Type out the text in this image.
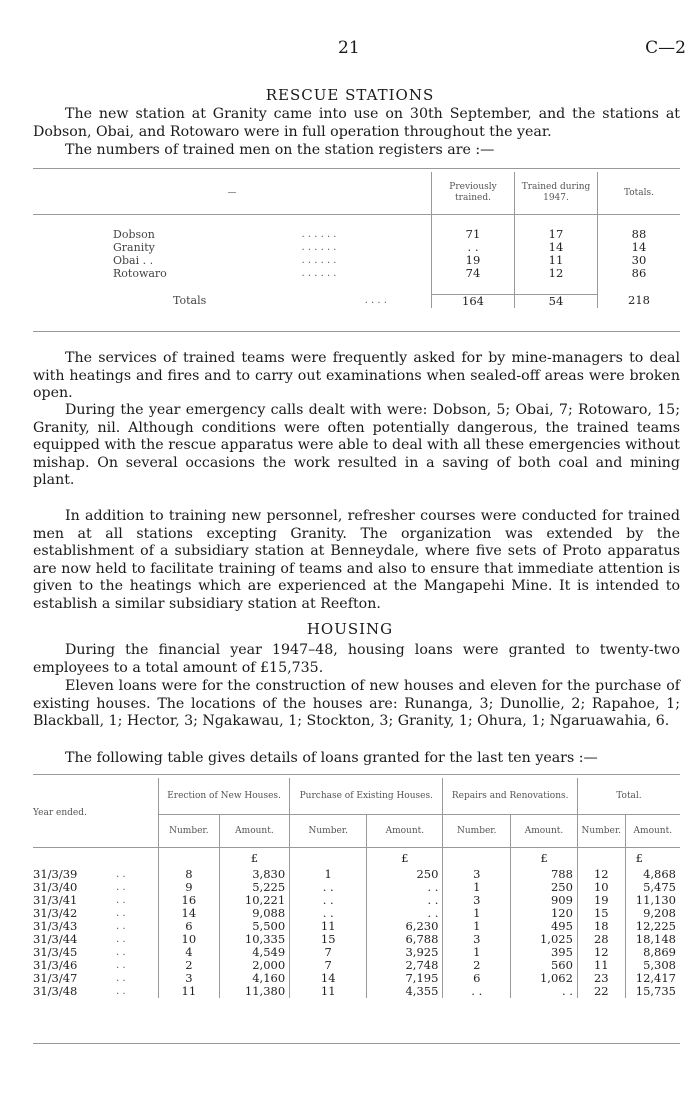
21	C—2
RESCUE STATIONS
The new station at Granity came into use on 30th September, and the stations at Dobson, Obai, and Rotowaro were in full operation throughout the year.
The numbers of trained men on the station registers are :—
—			Previously trained.	Trained during 1947.	Totals.

Dobson	. . . . . .		71	17	88
Granity	. . . . . .		. .	14	14
Obai . .	. . . . . .		19	11	30
Rotowaro	. . . . . .		74	12	86

Totals		. . . .	164	54	218
The services of trained teams were frequently asked for by mine-managers to deal with heatings and fires and to carry out examinations when sealed-off areas were broken open.
During the year emergency calls dealt with were: Dobson, 5; Obai, 7; Rotowaro, 15; Granity, nil. Although conditions were often potentially dangerous, the trained teams equipped with the rescue apparatus were able to deal with all these emergencies without mishap. On several occasions the work resulted in a saving of both coal and mining plant.
In addition to training new personnel, refresher courses were conducted for trained men at all stations excepting Granity. The organization was extended by the establishment of a subsidiary station at Benneydale, where five sets of Proto apparatus are now held to facilitate training of teams and also to ensure that immediate attention is given to the heatings which are experienced at the Mangapehi Mine. It is intended to establish a similar subsidiary station at Reefton.
HOUSING
During the financial year 1947–48, housing loans were granted to twenty-two employees to a total amount of £15,735.
Eleven loans were for the construction of new houses and eleven for the purchase of existing houses. The locations of the houses are: Runanga, 3; Dunollie, 2; Rapahoe, 1; Blackball, 1; Hector, 3; Ngakawau, 1; Stockton, 3; Granity, 1; Ohura, 1; Ngaruawahia, 6.
The following table gives details of loans granted for the last ten years :—
Year ended.		Erection of New Houses.		Purchase of Existing Houses.		Repairs and Renovations.		Total.	
		Number.	Amount.	Number.	Amount.	Number.	Amount.	Number.	Amount.
			£		£		£		£
31/3/39	. .	8	3,830	1	250	3	788	12	4,868
31/3/40	. .	9	5,225	. .	. .	1	250	10	5,475
31/3/41	. .	16	10,221	. .	. .	3	909	19	11,130
31/3/42	. .	14	9,088	. .	. .	1	120	15	9,208
31/3/43	. .	6	5,500	11	6,230	1	495	18	12,225
31/3/44	. .	10	10,335	15	6,788	3	1,025	28	18,148
31/3/45	. .	4	4,549	7	3,925	1	395	12	8,869
31/3/46	. .	2	2,000	7	2,748	2	560	11	5,308
31/3/47	. .	3	4,160	14	7,195	6	1,062	23	12,417
31/3/48	. .	11	11,380	11	4,355	. .	. .	22	15,735
